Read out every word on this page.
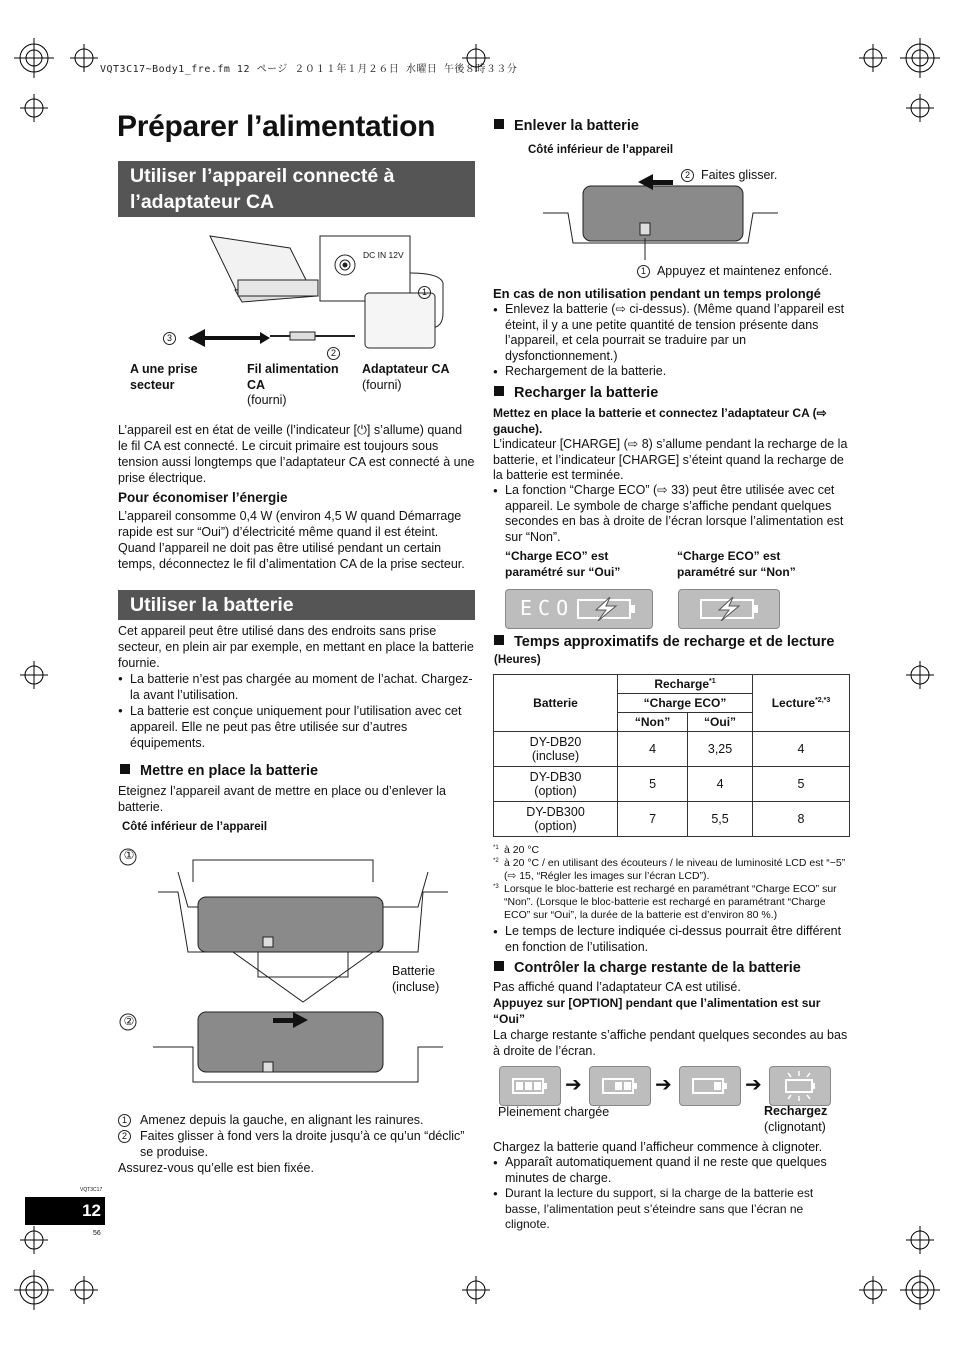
VQT3C17~Body1_fre.fm 12 ページ ２０１１年１月２６日 水曜日 午後８時３３分
Préparer l’alimentation
Utiliser l’appareil connecté à l’adaptateur CA
DC IN 12V
1
3
2
A une prise secteur
Fil alimentation CA
(fourni)
Adaptateur CA
(fourni)
L’appareil est en état de veille (l’indicateur [⏻] s’allume) quand le fil CA est connecté. Le circuit primaire est toujours sous tension aussi longtemps que l’adaptateur CA est connecté à une prise électrique.
Pour économiser l’énergie
L’appareil consomme 0,4 W (environ 4,5 W quand Démarrage rapide est sur “Oui”) d’électricité même quand il est éteint. Quand l’appareil ne doit pas être utilisé pendant un certain temps, déconnectez le fil d’alimentation CA de la prise secteur.
Utiliser la batterie
Cet appareil peut être utilisé dans des endroits sans prise secteur, en plein air par exemple, en mettant en place la batterie fournie.
● La batterie n’est pas chargée au moment de l’achat. Chargez-la avant l’utilisation.
● La batterie est conçue uniquement pour l’utilisation avec cet appareil. Elle ne peut pas être utilisée sur d’autres équipements.
Mettre en place la batterie
Eteignez l’appareil avant de mettre en place ou d’enlever la batterie.
Côté inférieur de l’appareil
①
②
Batterie
(incluse)
1	Amenez depuis la gauche, en alignant les rainures.
2	Faites glisser à fond vers la droite jusqu’à ce qu’un “déclic” se produise.
Assurez-vous qu’elle est bien fixée.
VQT3C17
12
56
Enlever la batterie
Côté inférieur de l’appareil
2 Faites glisser.
1 Appuyez et maintenez enfoncé.
En cas de non utilisation pendant un temps prolongé
● Enlevez la batterie (⇨ ci-dessus). (Même quand l’appareil est éteint, il y a une petite quantité de tension présente dans l’appareil, et cela pourrait se traduire par un dysfonctionnement.)
● Rechargement de la batterie.
Recharger la batterie
Mettez en place la batterie et connectez l’adaptateur CA (⇨ gauche).
L’indicateur [CHARGE] (⇨ 8) s’allume pendant la recharge de la batterie, et l’indicateur [CHARGE] s’éteint quand la recharge de la batterie est terminée.
● La fonction “Charge ECO” (⇨ 33) peut être utilisée avec cet appareil. Le symbole de charge s’affiche pendant quelques secondes en bas à droite de l’écran lorsque l’alimentation est sur “Non”.
“Charge ECO” est paramétré sur “Oui”
“Charge ECO” est paramétré sur “Non”
ECO
Temps approximatifs de recharge et de lecture (Heures)
Batterie	Recharge$^{*1}$		Lecture$^{*2,*3}$
	“Charge ECO”		
	“Non”	“Oui”	

DY-DB20
(incluse)	4	3,25	4

DY-DB30
(option)	5	4	5

DY-DB300
(option)	7	5,5	8
*1 à 20 °C
*2 à 20 °C / en utilisant des écouteurs / le niveau de luminosité LCD est “−5” (⇨ 15, “Régler les images sur l’écran LCD”).
*3 Lorsque le bloc-batterie est rechargé en paramétrant “Charge ECO” sur “Non”. (Lorsque le bloc-batterie est rechargé en paramétrant “Charge ECO” sur “Oui”, la durée de la batterie est d’environ 80 %.)
● Le temps de lecture indiquée ci-dessus pourrait être différent en fonction de l’utilisation.
Contrôler la charge restante de la batterie
Pas affiché quand l’adaptateur CA est utilisé.
Appuyez sur [OPTION] pendant que l’alimentation est sur “Oui”
La charge restante s’affiche pendant quelques secondes au bas à droite de l’écran.
➔	➔	➔
Pleinement chargée	Rechargez
(clignotant)
Chargez la batterie quand l’afficheur commence à clignoter.
● Apparaît automatiquement quand il ne reste que quelques minutes de charge.
● Durant la lecture du support, si la charge de la batterie est basse, l’alimentation peut s’éteindre sans que l’écran ne clignote.
